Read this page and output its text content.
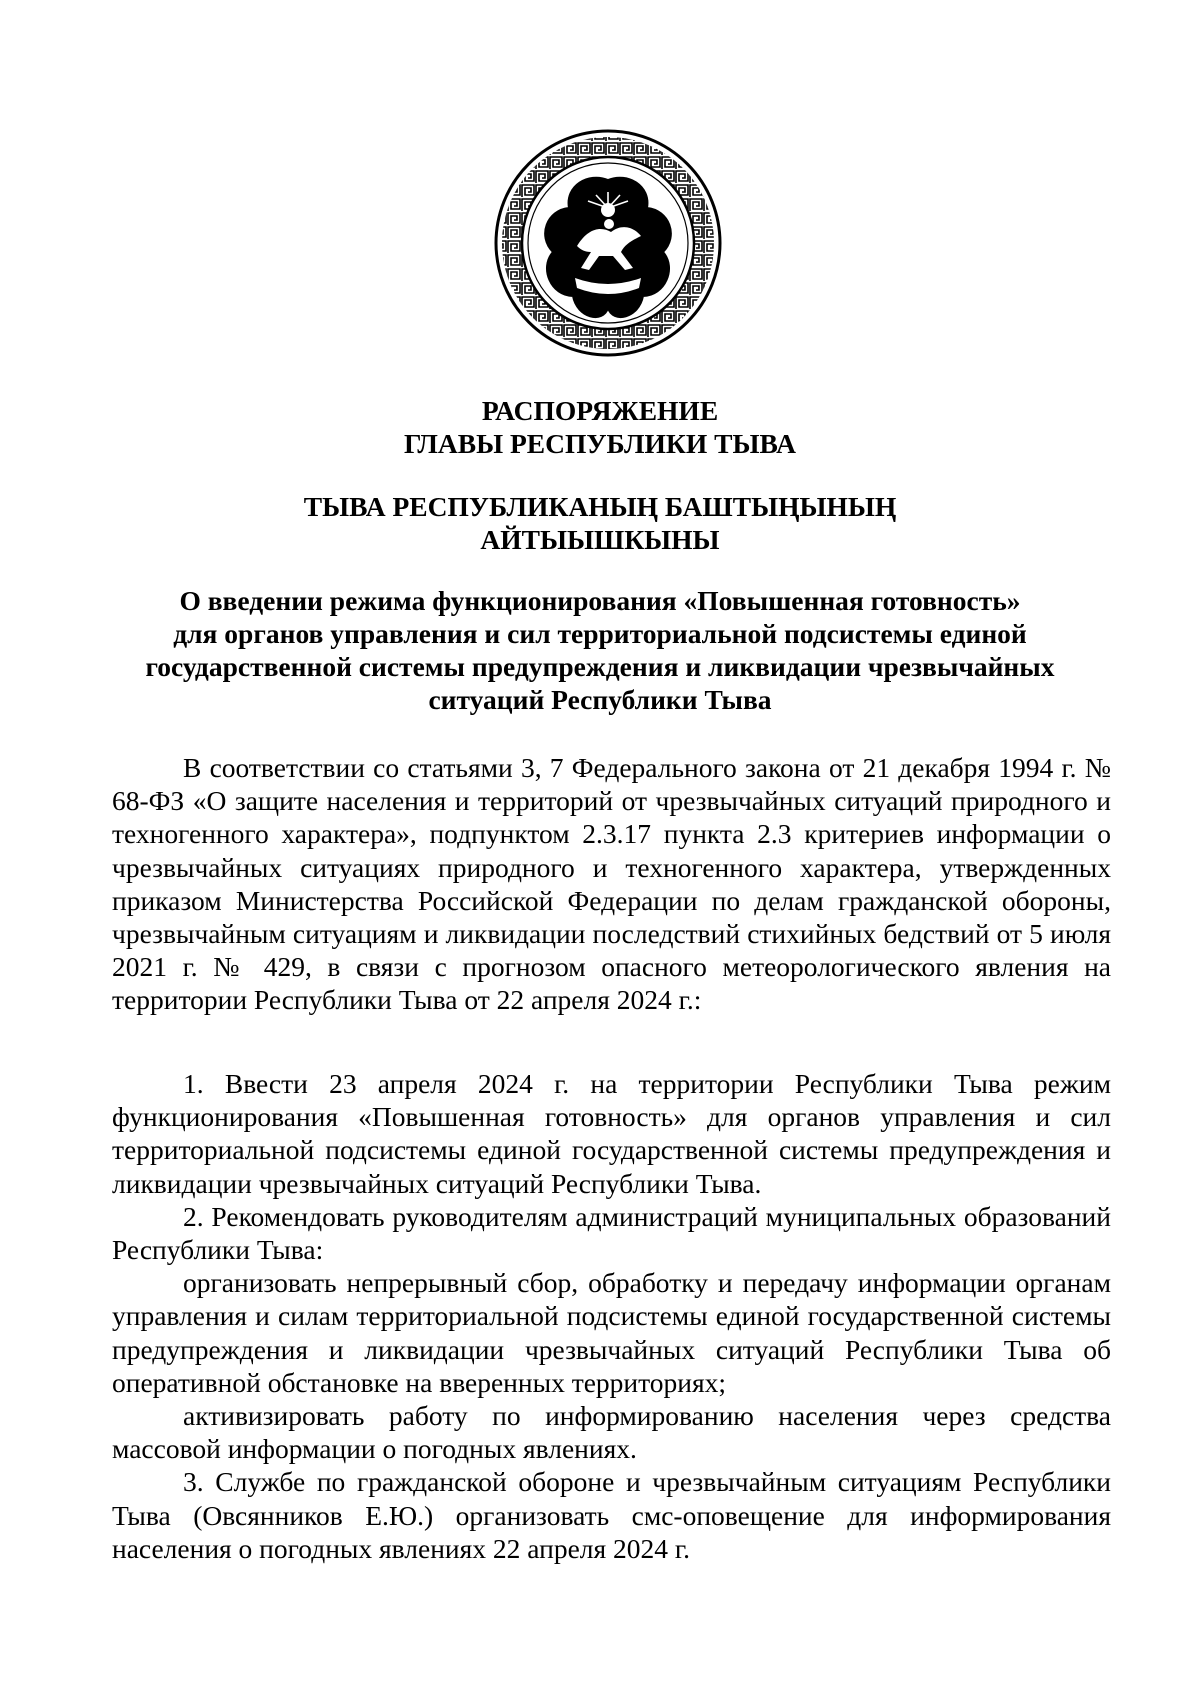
РАСПОРЯЖЕНИЕ
ГЛАВЫ РЕСПУБЛИКИ ТЫВА
ТЫВА РЕСПУБЛИКАНЫҢ БАШТЫҢЫНЫҢ
АЙТЫЫШКЫНЫ
О введении режима функционирования «Повышенная готовность»
для органов управления и сил территориальной подсистемы единой
государственной системы предупреждения и ликвидации чрезвычайных
ситуаций Республики Тыва

В соответствии со статьями 3, 7 Федерального закона от 21 декабря 1994 г. № 68-ФЗ «О защите населения и территорий от чрезвычайных ситуаций природного и техногенного характера», подпунктом 2.3.17 пункта 2.3 критериев информации о чрезвычайных ситуациях природного и техногенного характера, утвержденных приказом Министерства Российской Федерации по делам гражданской обороны, чрезвычайным ситуациям и ликвидации последствий стихийных бедствий от 5 июля 2021 г. № 429, в связи с прогнозом опасного метеорологического явления на территории Республики Тыва от 22 апреля 2024 г.:

1. Ввести 23 апреля 2024 г. на территории Республики Тыва режим функционирования «Повышенная готовность» для органов управления и сил территориальной подсистемы единой государственной системы предупреждения и ликвидации чрезвычайных ситуаций Республики Тыва.

2. Рекомендовать руководителям администраций муниципальных образований Республики Тыва:

организовать непрерывный сбор, обработку и передачу информации органам управления и силам территориальной подсистемы единой государственной системы предупреждения и ликвидации чрезвычайных ситуаций Республики Тыва об оперативной обстановке на вверенных территориях;

активизировать работу по информированию населения через средства массовой информации о погодных явлениях.

3. Службе по гражданской обороне и чрезвычайным ситуациям Республики Тыва (Овсянников Е.Ю.) организовать смс-оповещение для информирования населения о погодных явлениях 22 апреля 2024 г.
